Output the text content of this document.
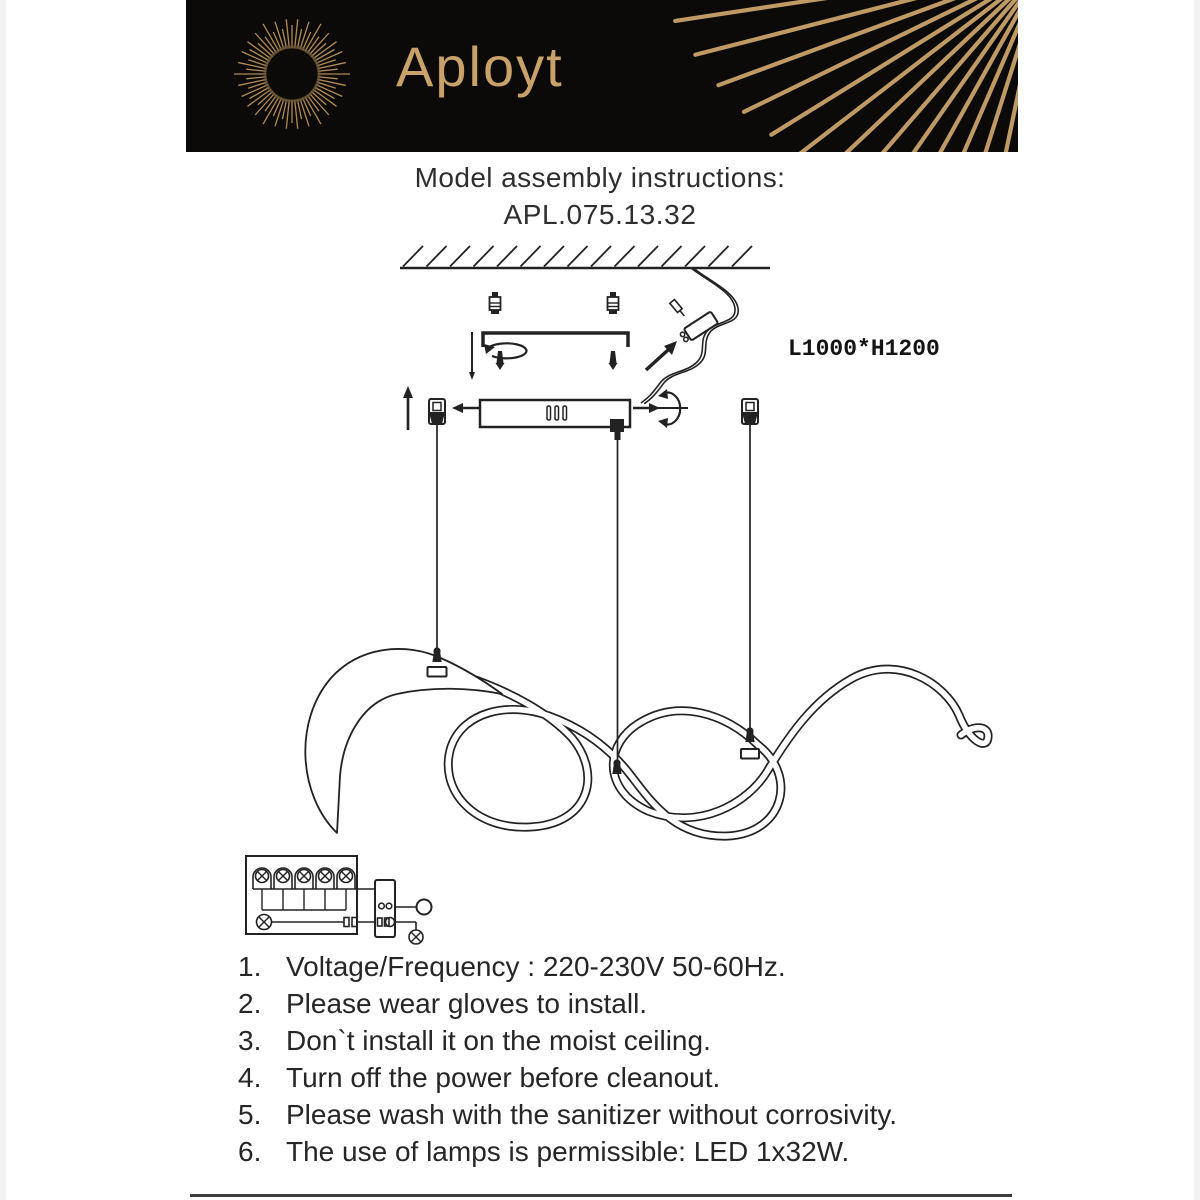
Aployt
Model assembly instructions:
APL.075.13.32
L1000*H1200
1. Voltage/Frequency : 220-230V 50-60Hz.
2. Please wear gloves to install.
3. Don`t install it on the moist ceiling.
4. Turn off the power before cleanout.
5. Please wash with the sanitizer without corrosivity.
6. The use of lamps is permissible: LED 1x32W.
